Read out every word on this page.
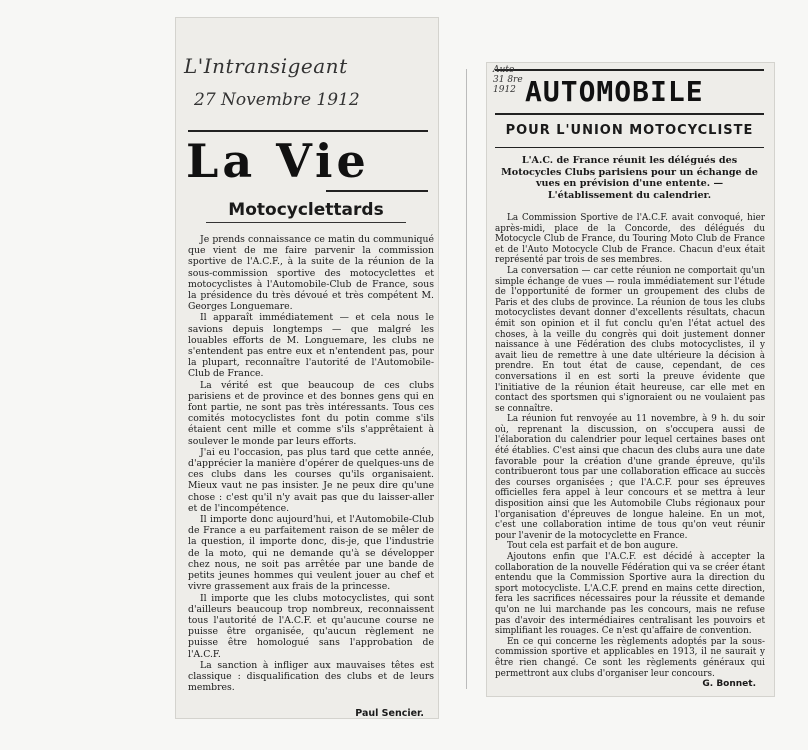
L'Intransigeant
27 Novembre 1912
La Vie
Motocyclettards

Je prends connaissance ce matin du communiqué que vient de me faire parvenir la commission sportive de l'A.C.F., à la suite de la réunion de la sous-commission sportive des motocyclettes et motocyclistes à l'Automobile-Club de France, sous la présidence du très dévoué et très compétent M. Georges Longuemare.

Il apparaît immédiatement — et cela nous le savions depuis longtemps — que malgré les louables efforts de M. Longuemare, les clubs ne s'entendent pas entre eux et n'entendent pas, pour la plupart, reconnaître l'autorité de l'Automobile-Club de France.

La vérité est que beaucoup de ces clubs parisiens et de province et des bonnes gens qui en font partie, ne sont pas très intéressants. Tous ces comités motocyclistes font du potin comme s'ils étaient cent mille et comme s'ils s'apprêtaient à soulever le monde par leurs efforts.

J'ai eu l'occasion, pas plus tard que cette année, d'apprécier la manière d'opérer de quelques-uns de ces clubs dans les courses qu'ils organisaient. Mieux vaut ne pas insister. Je ne peux dire qu'une chose : c'est qu'il n'y avait pas que du laisser-aller et de l'incompétence.

Il importe donc aujourd'hui, et l'Automobile-Club de France a eu parfaitement raison de se mêler de la question, il importe donc, dis-je, que l'industrie de la moto, qui ne demande qu'à se développer chez nous, ne soit pas arrêtée par une bande de petits jeunes hommes qui veulent jouer au chef et vivre grassement aux frais de la princesse.

Il importe que les clubs motocyclistes, qui sont d'ailleurs beaucoup trop nombreux, reconnaissent tous l'autorité de l'A.C.F. et qu'aucune course ne puisse être organisée, qu'aucun règlement ne puisse être homologué sans l'approbation de l'A.C.F.

La sanction à infliger aux mauvaises têtes est classique : disqualification des clubs et de leurs membres.

Paul Sencier.
Auto 31 8re 1912 AUTOMOBILE
POUR L'UNION MOTOCYCLISTE
L'A.C. de France réunit les délégués des Motocycles Clubs parisiens pour un échange de vues en prévision d'une entente. — L'établissement du calendrier.

La Commission Sportive de l'A.C.F. avait convoqué, hier après-midi, place de la Concorde, des délégués du Motocycle Club de France, du Touring Moto Club de France et de l'Auto Motocycle Club de France. Chacun d'eux était représenté par trois de ses membres.

La conversation — car cette réunion ne comportait qu'un simple échange de vues — roula immédiatement sur l'étude de l'opportunité de former un groupement des clubs de Paris et des clubs de province. La réunion de tous les clubs motocyclistes devant donner d'excellents résultats, chacun émit son opinion et il fut conclu qu'en l'état actuel des choses, à la veille du congrès qui doit justement donner naissance à une Fédération des clubs motocyclistes, il y avait lieu de remettre à une date ultérieure la décision à prendre. En tout état de cause, cependant, de ces conversations il en est sorti la preuve évidente que l'initiative de la réunion était heureuse, car elle met en contact des sportsmen qui s'ignoraient ou ne voulaient pas se connaître.

La réunion fut renvoyée au 11 novembre, à 9 h. du soir où, reprenant la discussion, on s'occupera aussi de l'élaboration du calendrier pour lequel certaines bases ont été établies. C'est ainsi que chacun des clubs aura une date favorable pour la création d'une grande épreuve, qu'ils contribueront tous par une collaboration efficace au succès des courses organisées ; que l'A.C.F. pour ses épreuves officielles fera appel à leur concours et se mettra à leur disposition ainsi que les Automobile Clubs régionaux pour l'organisation d'épreuves de longue haleine. En un mot, c'est une collaboration intime de tous qu'on veut réunir pour l'avenir de la motocyclette en France.

Tout cela est parfait et de bon augure.

Ajoutons enfin que l'A.C.F. est décidé à accepter la collaboration de la nouvelle Fédération qui va se créer étant entendu que la Commission Sportive aura la direction du sport motocycliste. L'A.C.F. prend en mains cette direction, fera les sacrifices nécessaires pour la réussite et demande qu'on ne lui marchande pas les concours, mais ne refuse pas d'avoir des intermédiaires centralisant les pouvoirs et simplifiant les rouages. Ce n'est qu'affaire de convention.

En ce qui concerne les règlements adoptés par la sous-commission sportive et applicables en 1913, il ne saurait y être rien changé. Ce sont les règlements généraux qui permettront aux clubs d'organiser leur concours.

G. Bonnet.
